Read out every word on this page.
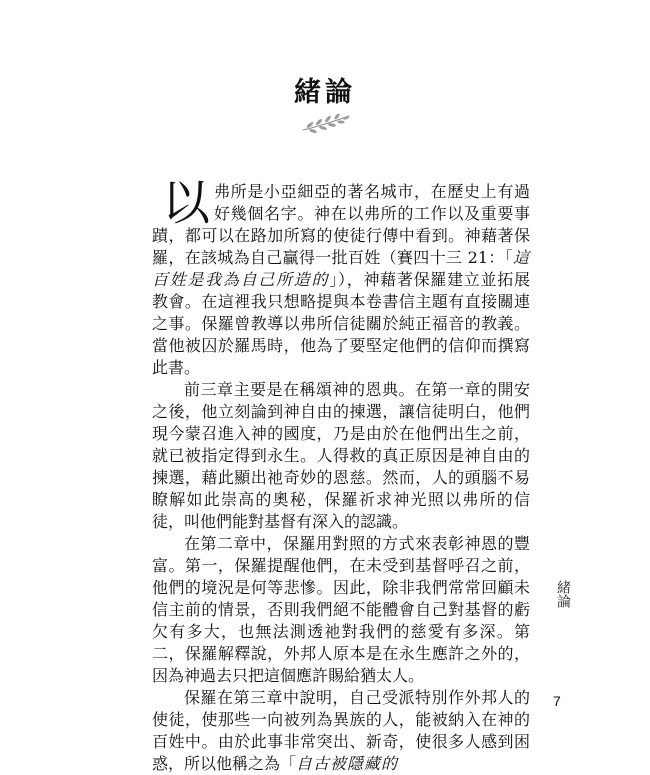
緒論

以弗所是小亞細亞的著名城市，在歷史上有過好幾個名字。神在以弗所的工作以及重要事蹟，都可以在路加所寫的使徒行傳中看到。神藉著保羅，在該城為自己贏得一批百姓（賽四十三 21：「這百姓是我為自己所造的」），神藉著保羅建立並拓展教會。在這裡我只想略提與本卷書信主題有直接關連之事。保羅曾教導以弗所信徒關於純正福音的教義。當他被囚於羅馬時，他為了要堅定他們的信仰而撰寫此書。

前三章主要是在稱頌神的恩典。在第一章的開安之後，他立刻論到神自由的揀選，讓信徒明白，他們現今蒙召進入神的國度，乃是由於在他們出生之前，就已被指定得到永生。人得救的真正原因是神自由的揀選，藉此顯出祂奇妙的恩慈。然而，人的頭腦不易瞭解如此崇高的奧秘，保羅祈求神光照以弗所的信徒，叫他們能對基督有深入的認識。

在第二章中，保羅用對照的方式來表彰神恩的豐富。第一，保羅提醒他們，在未受到基督呼召之前，他們的境況是何等悲慘。因此，除非我們常常回顧未信主前的情景，否則我們絕不能體會自己對基督的虧欠有多大，也無法測透祂對我們的慈愛有多深。第二，保羅解釋說，外邦人原本是在永生應許之外的，因為神過去只把這個應許賜給猶太人。

保羅在第三章中說明，自己受派特別作外邦人的使徒，使那些一向被列為異族的人，能被納入在神的百姓中。由於此事非常突出、新奇，使很多人感到困惑，所以他稱之為「自古被隱藏的

緒論
7
